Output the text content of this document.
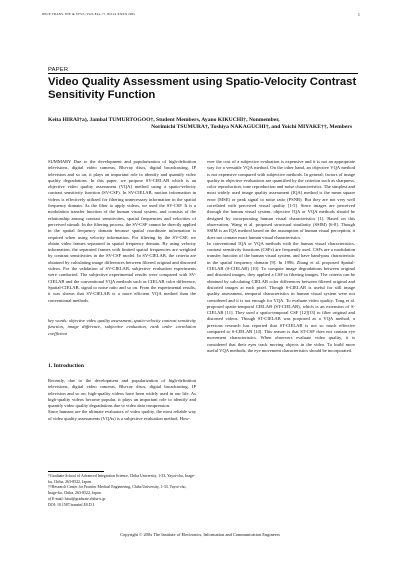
IEICE TRANS. INF. & SYST., VOL.Exx–??, NO.xx XXXX 200x	1
PAPER
Video Quality Assessment using Spatio-Velocity Contrast Sensitivity Function
Keita HIRAI†a), Jambal TUMURTOGOO†, Student Members, Ayano KIKUCHI†, Nonmember,
Norimichi TSUMURA†, Toshiya NAKAGUCHI†, and Yoichi MIYAKE††, Members
SUMMARY Due to the development and popularization of high-definition televisions, digital video cameras, Blu-ray discs, digital broadcasting, IP television and so on, it plays an important role to identify and quantify video quality degradations. In this paper, we propose SV-CIELAB which is an objective video quality assessment (VQA) method using a spatio-velocity contrast sensitivity function (SV-CSF). In SV-CIELAB, motion information in videos is effectively utilized for filtering unnecessary information in the spatial frequency domain. As the filter to apply videos, we used the SV-CSF. It is a modulation transfer function of the human visual system, and consists of the relationship among contrast sensitivities, spatial frequencies and velocities of perceived stimuli. In the filtering process, the SV-CSF cannot be directly applied in the spatial frequency domain because spatial coordinate information is required when using velocity information. For filtering by the SV-CSF, we obtain video frames separated in spatial frequency domain. By using velocity information, the separated frames with limited spatial frequencies are weighted by contrast sensitivities in the SV-CSF model. In SV-CIELAB, the criteria are obtained by calculating image differences between filtered original and distorted videos. For the validation of SV-CIELAB, subjective evaluation experiments were conducted. The subjective experimental results were compared with SV-CIELAB and the conventional VQA methods such as CIELAB color difference, Spatial-CIELAB, signal to noise ratio and so on. From the experimental results, it was shown that SV-CIELAB is a more efficient VQA method than the conventional methods.
key words: objective video quality assessment, spatio-velocity contrast sensitivity function, image difference, subjective evaluation, rank order correlation coefficient
1. Introduction
Recently, due to the development and popularization of high-definition televisions, digital video cameras, Blu-ray discs, digital broadcasting, IP television and so on, high-quality videos have been widely used in our life. As high-quality videos become popular, it plays an important role to identify and quantify video quality degradations due to video data compression.
Since humans are the ultimate evaluators of video quality, the most reliable way of video quality assessments (VQAs) is a subjective evaluation method. How-
†Graduate School of Advanced Integration Science, Chiba University, 1-33, Yayoi-cho, Inage-ku, Chiba, 263-8522, Japan
††Research Center for Frontier Medical Engineering, Chiba University, 1-33, Yayoi-cho, Inage-ku, Chiba, 263-8522, Japan
a) E-mail: hirai@graduate.chiba-u.jp
DOI: 10.1587/transinf.E0.D.1
ever the cost of a subjective evaluation is expensive and it is not an appropriate way for a versatile VQA method. On the other hand, an objective VQA method is not expensive compared with subjective methods. In general, factors of image quality in objective evaluations are quantified by the criterion such as sharpness, color reproduction, tone reproduction and noise characteristics. The simplest and most widely used image quality assessment (IQA) method is the mean square error (MSE) or peak signal to noise ratio (PSNR). But they are not very well correlated with perceived visual quality [1-5]. Since images are perceived through the human visual system, objective IQA or VQA methods should be designed by incorporating human visual characteristics [1]. Based on this observation, Wang et al. proposed structural similarity (SSIM) [6-8]. Though SSIM is an IQA method based on the assumption of human visual perception, it does not contain exact human visual characteristics.
In conventional IQA or VQA methods with the human visual characteristics, contrast sensitivity functions (CSFs) are frequently used. CSFs are a modulation transfer function of the human visual system, and have band-pass characteristic in the spatial frequency domain [9]. In 1996, Zhang et al. proposed Spatial-CIELAB (S-CIELAB) [10]. To compute image degradations between original and distorted images, they applied a CSF in filtering images. The criteria can be obtained by calculating CIELAB color differences between filtered original and distorted images at each pixel. Though S-CIELAB is useful for still image quality assessment, temporal characteristics in human visual system were not considered and it is not enough for VQA. To evaluate video quality, Tong et al. proposed spatio-temporal CIELAB (ST-CIELAB), which is an extension of S-CIELAB [11]. They used a spatio-temporal CSF [12][13] to filter original and distorted videos. Though ST-CIELAB was proposed as a VQA method, a previous research has reported that ST-CIELAB is not so much effective compared to S-CIELAB [14]. This reason is that ST-CSF does not contain eye movement characteristics. When observers evaluate video quality, it is considered that their eyes track moving objects in the video. To build more useful VQA methods, the eye movement characteristics should be incorporated.
Copyright © 200x The Institute of Electronics, Information and Communication Engineers
